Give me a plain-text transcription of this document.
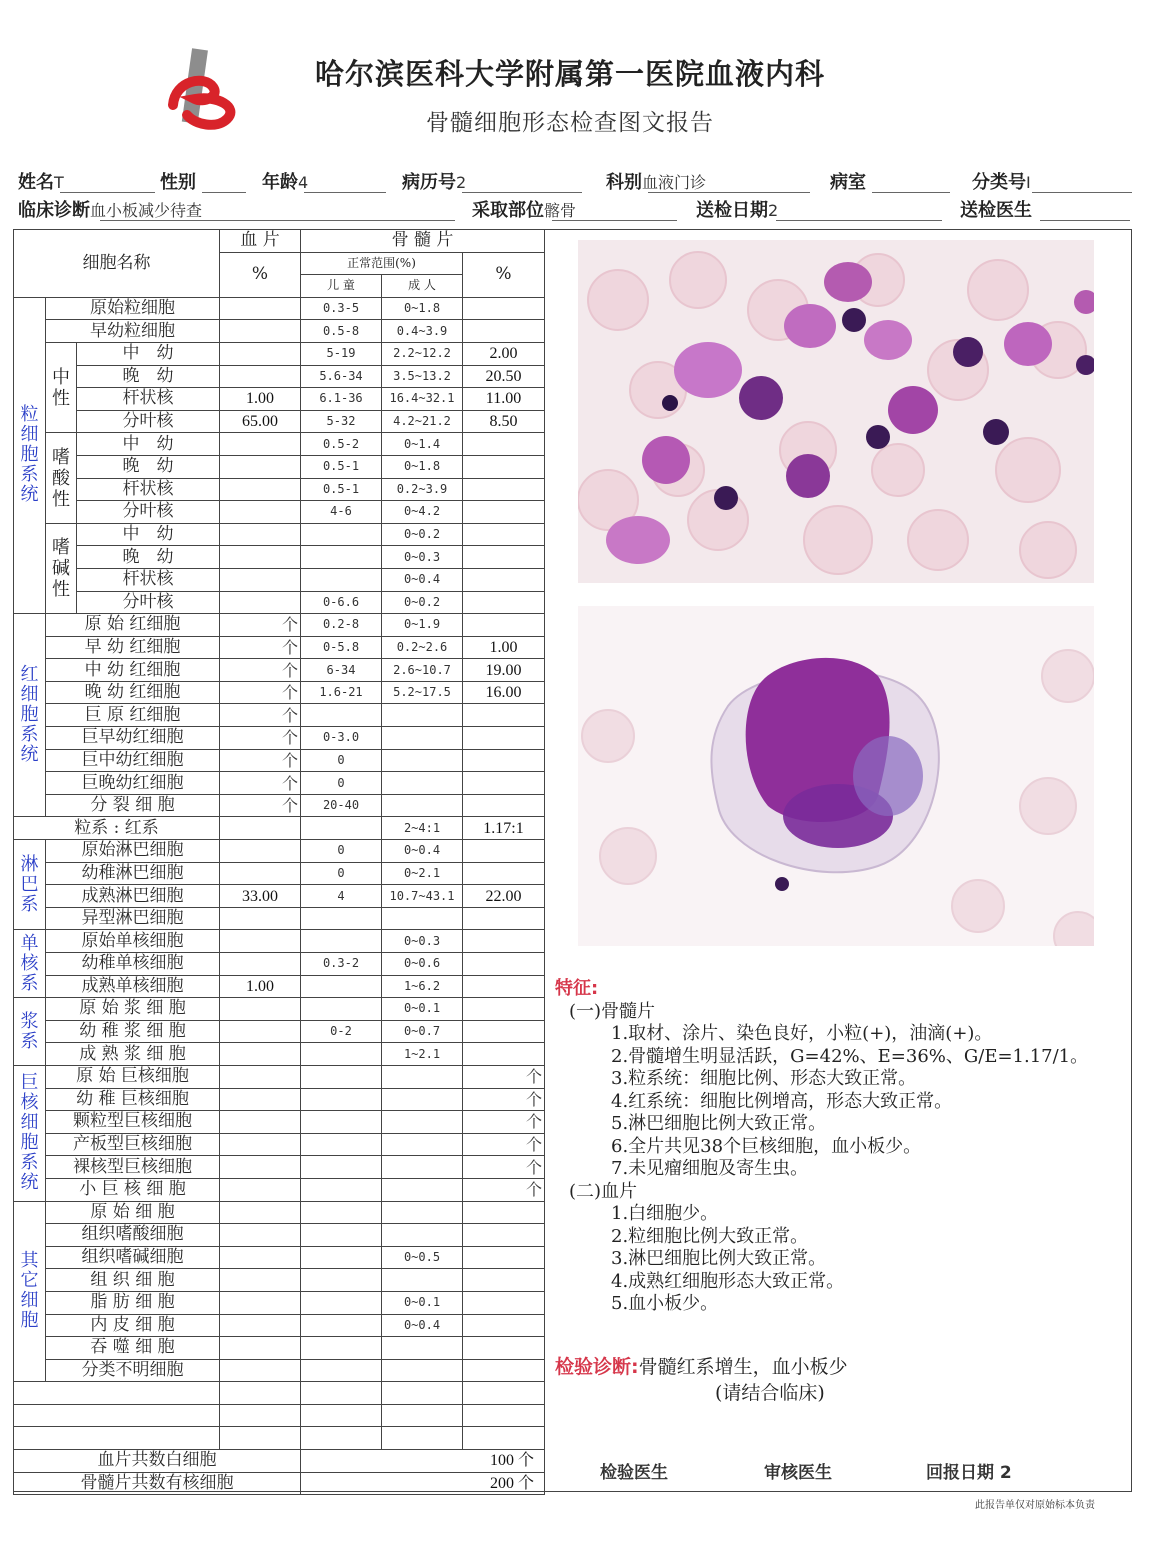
哈尔滨医科大学附属第一医院血液内科
骨髓细胞形态检查图文报告
姓名T	性别	年龄4	病历号2	科别血液门诊	病室	分类号I
临床诊断血小板减少待查	采取部位髂骨	送检日期2	送检医生
细胞名称			血 片	骨 髓 片		
			%	正常范围(%)		%
				儿 童	成 人	
粒细胞系统	原始粒细胞			0.3-5	0~1.8	
	早幼粒细胞			0.5-8	0.4~3.9	
	中性	中　幼		5-19	2.2~12.2	2.00
		晚　幼		5.6-34	3.5~13.2	20.50
		杆状核	1.00	6.1-36	16.4~32.1	11.00
		分叶核	65.00	5-32	4.2~21.2	8.50
	嗜酸性	中　幼		0.5-2	0~1.4	
		晚　幼		0.5-1	0~1.8	
		杆状核		0.5-1	0.2~3.9	
		分叶核		4-6	0~4.2	
	嗜碱性	中　幼			0~0.2	
		晚　幼			0~0.3	
		杆状核			0~0.4	
		分叶核		0-6.6	0~0.2	
红细胞系统	原 始 红细胞		个	0.2-8	0~1.9	
	早 幼 红细胞		个	0-5.8	0.2~2.6	1.00
	中 幼 红细胞		个	6-34	2.6~10.7	19.00
	晚 幼 红细胞		个	1.6-21	5.2~17.5	16.00
	巨 原 红细胞		个			
	巨早幼红细胞		个	0-3.0		
	巨中幼红细胞		个	0		
	巨晚幼红细胞		个	0		
	分 裂 细 胞		个	20-40		
粒系 : 红系					2~4:1	1.17:1
淋巴系	原始淋巴细胞			0	0~0.4	
	幼稚淋巴细胞			0	0~2.1	
	成熟淋巴细胞		33.00	4	10.7~43.1	22.00
	异型淋巴细胞					
单核系	原始单核细胞				0~0.3	
	幼稚单核细胞			0.3-2	0~0.6	
	成熟单核细胞		1.00		1~6.2	
浆系	原 始 浆 细 胞				0~0.1	
	幼 稚 浆 细 胞			0-2	0~0.7	
	成 熟 浆 细 胞				1~2.1	
巨核细胞系统	原 始 巨核细胞					个
	幼 稚 巨核细胞					个
	颗粒型巨核细胞					个
	产板型巨核细胞					个
	裸核型巨核细胞					个
	小 巨 核 细 胞					个
其它细胞	原 始 细 胞					
	组织嗜酸细胞					
	组织嗜碱细胞				0~0.5	
	组 织 细 胞					
	脂 肪 细 胞				0~0.1	
	内 皮 细 胞				0~0.4	
	吞 噬 细 胞					
	分类不明细胞					

血片共数白细胞				100 个		
骨髓片共数有核细胞				200 个		
特征:
(一)骨髓片
1.取材、涂片、染色良好，小粒(+)，油滴(+)。
2.骨髓增生明显活跃，G=42%、E=36%、G/E=1.17/1。
3.粒系统：细胞比例、形态大致正常。
4.红系统：细胞比例增高，形态大致正常。
5.淋巴细胞比例大致正常。
6.全片共见38个巨核细胞，血小板少。
7.未见瘤细胞及寄生虫。
(二)血片
1.白细胞少。
2.粒细胞比例大致正常。
3.淋巴细胞比例大致正常。
4.成熟红细胞形态大致正常。
5.血小板少。
检验诊断:骨髓红系增生，血小板少
(请结合临床)
检验医生	审核医生	回报日期 2
此报告单仅对原始标本负责
